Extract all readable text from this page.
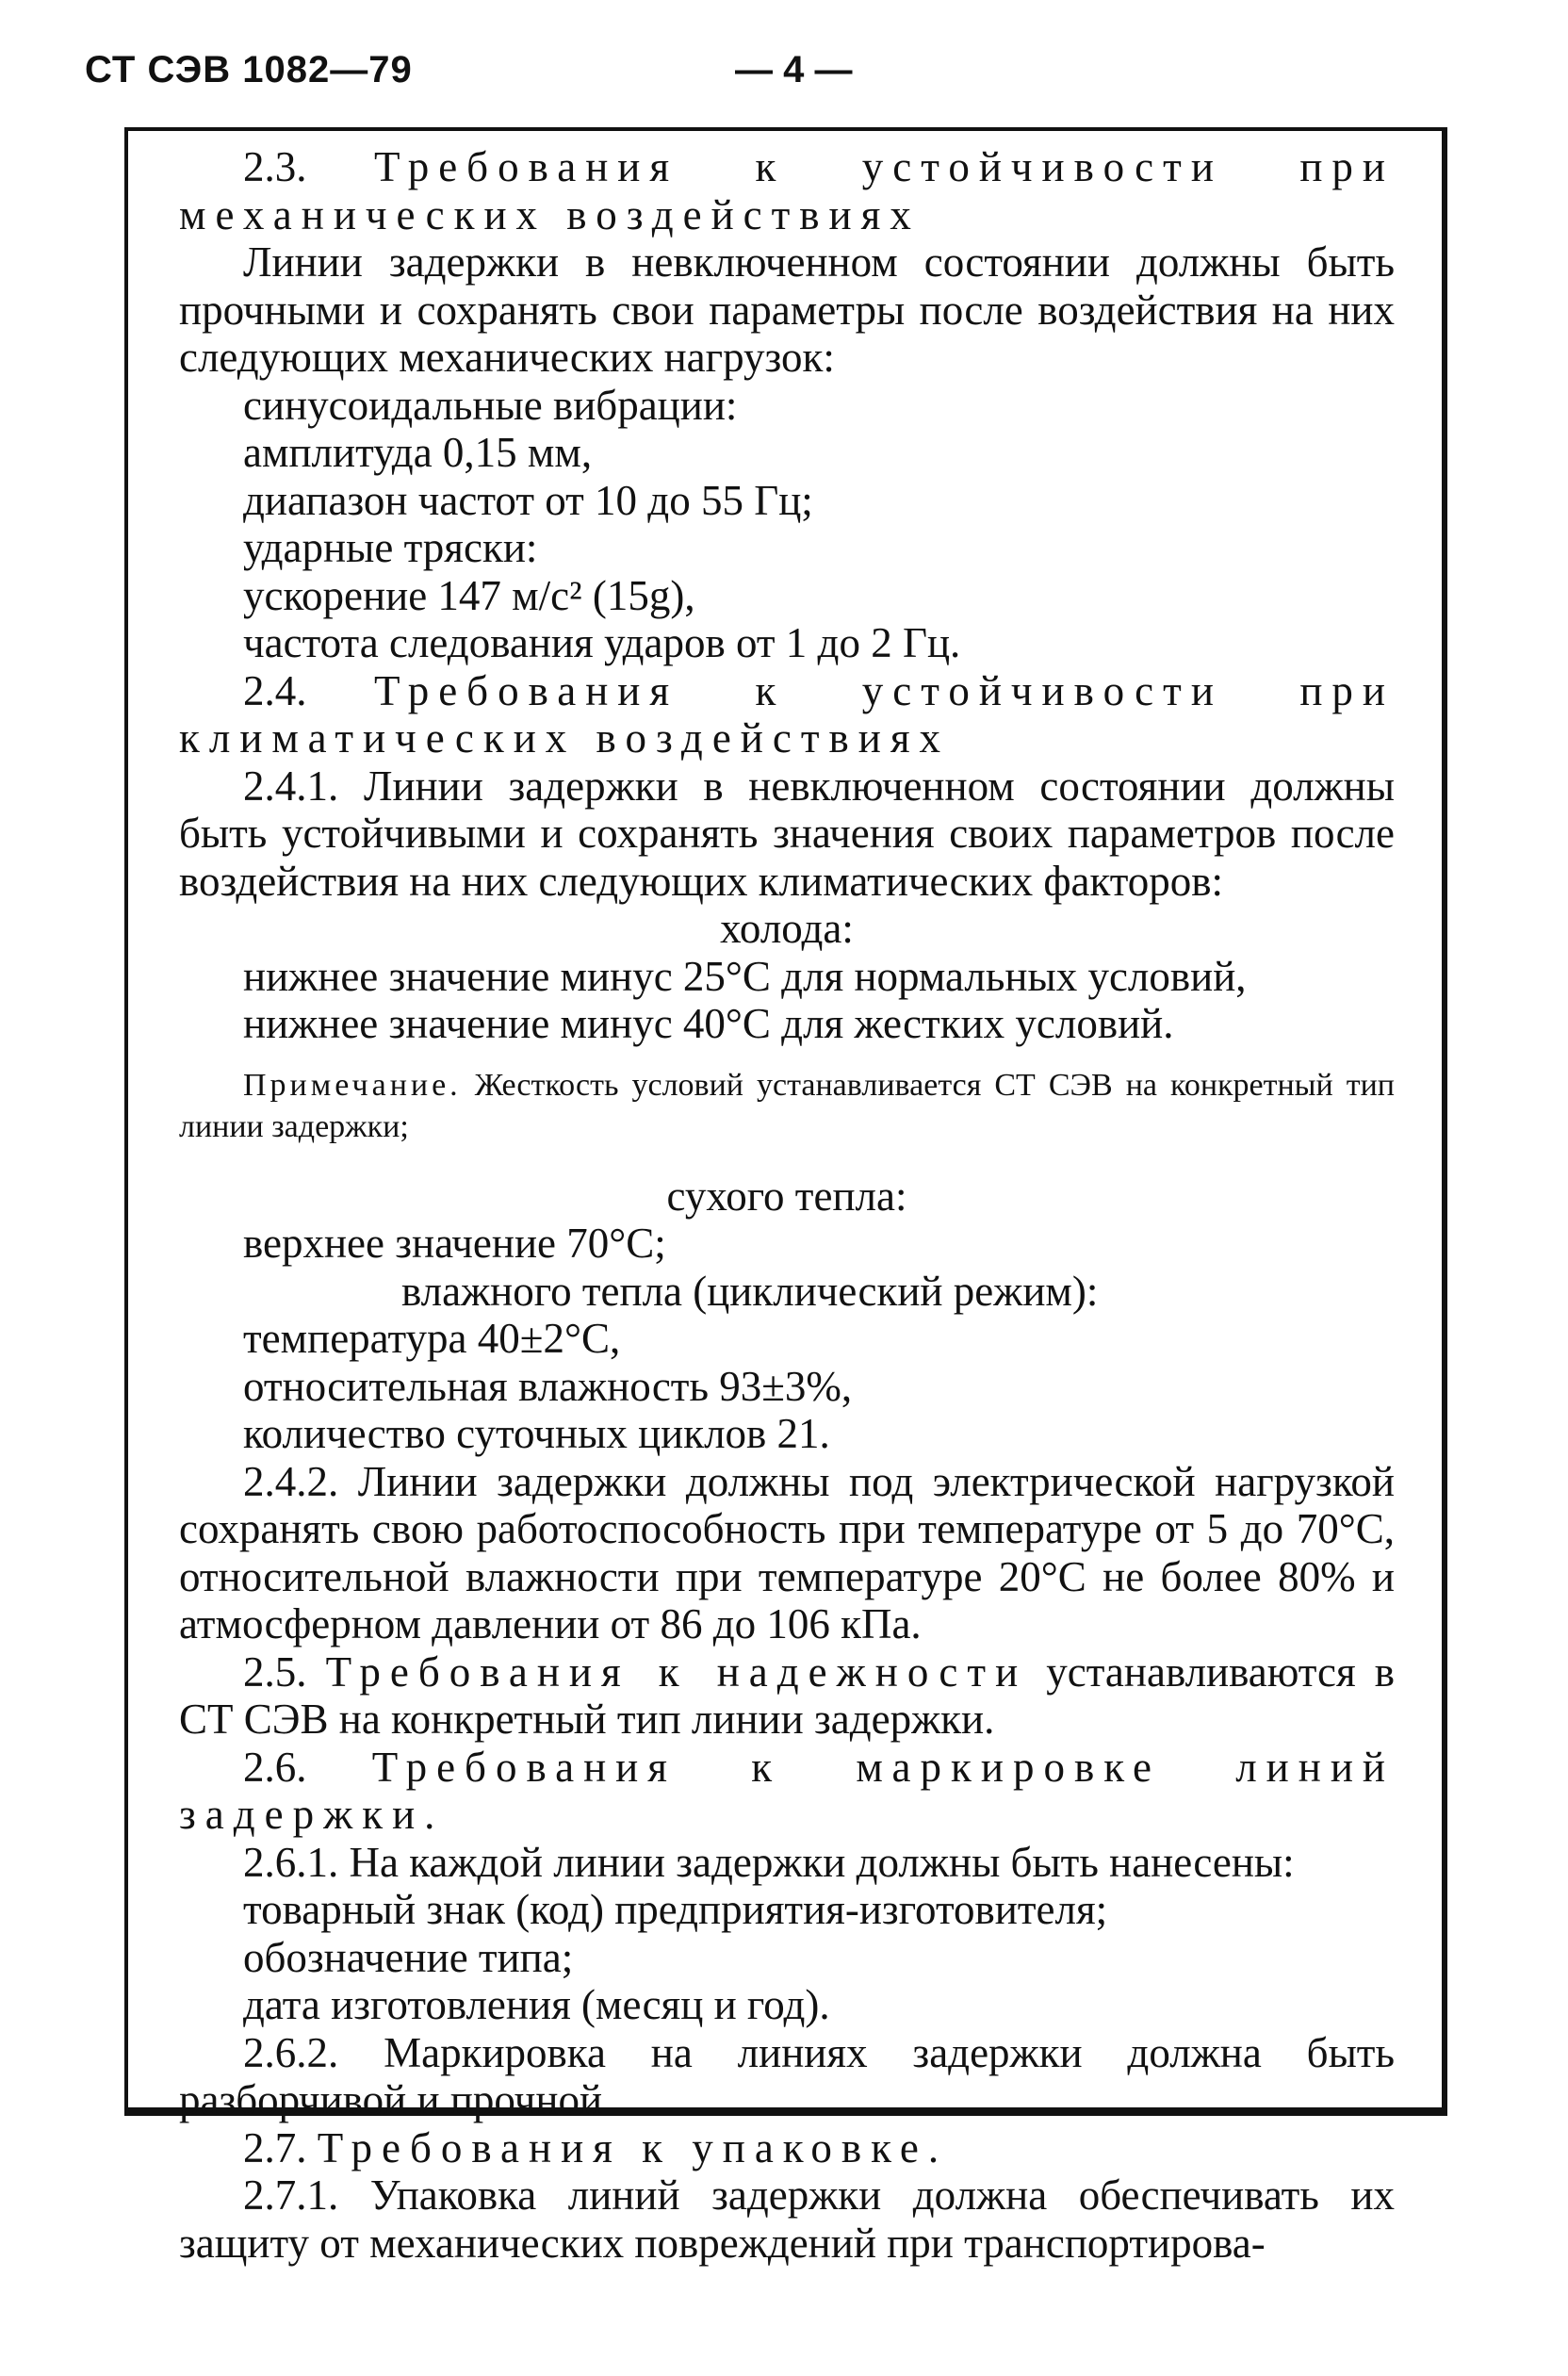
СТ СЭВ 1082—79	— 4 —

2.3. Требования к устойчивости при механических воздействиях

Линии задержки в невключенном состоянии должны быть прочными и сохранять свои параметры после воздействия на них следующих механических нагрузок:

синусоидальные вибрации:

амплитуда 0,15 мм,

диапазон частот от 10 до 55 Гц;

ударные тряски:

ускорение 147 м/с² (15g),

частота следования ударов от 1 до 2 Гц.

2.4. Требования к устойчивости при климатических воздействиях

2.4.1. Линии задержки в невключенном состоянии должны быть устойчивыми и сохранять значения своих параметров после воздействия на них следующих климатических факторов:

холода:

нижнее значение минус 25°С для нормальных условий,

нижнее значение минус 40°С для жестких условий.

Примечание. Жесткость условий устанавливается СТ СЭВ на конкретный тип линии задержки;

сухого тепла:

верхнее значение 70°С;

влажного тепла (циклический режим):

температура 40±2°С,

относительная влажность 93±3%,

количество суточных циклов 21.

2.4.2. Линии задержки должны под электрической нагрузкой сохранять свою работоспособность при температуре от 5 до 70°С, относительной влажности при температуре 20°С не более 80% и атмосферном давлении от 86 до 106 кПа.

2.5. Требования к надежности устанавливаются в СТ СЭВ на конкретный тип линии задержки.

2.6. Требования к маркировке линий задержки.

2.6.1. На каждой линии задержки должны быть нанесены:

товарный знак (код) предприятия-изготовителя;

обозначение типа;

дата изготовления (месяц и год).

2.6.2. Маркировка на линиях задержки должна быть разборчивой и прочной

2.7. Требования к упаковке.

2.7.1. Упаковка линий задержки должна обеспечивать их защиту от механических повреждений при транспортирова-
